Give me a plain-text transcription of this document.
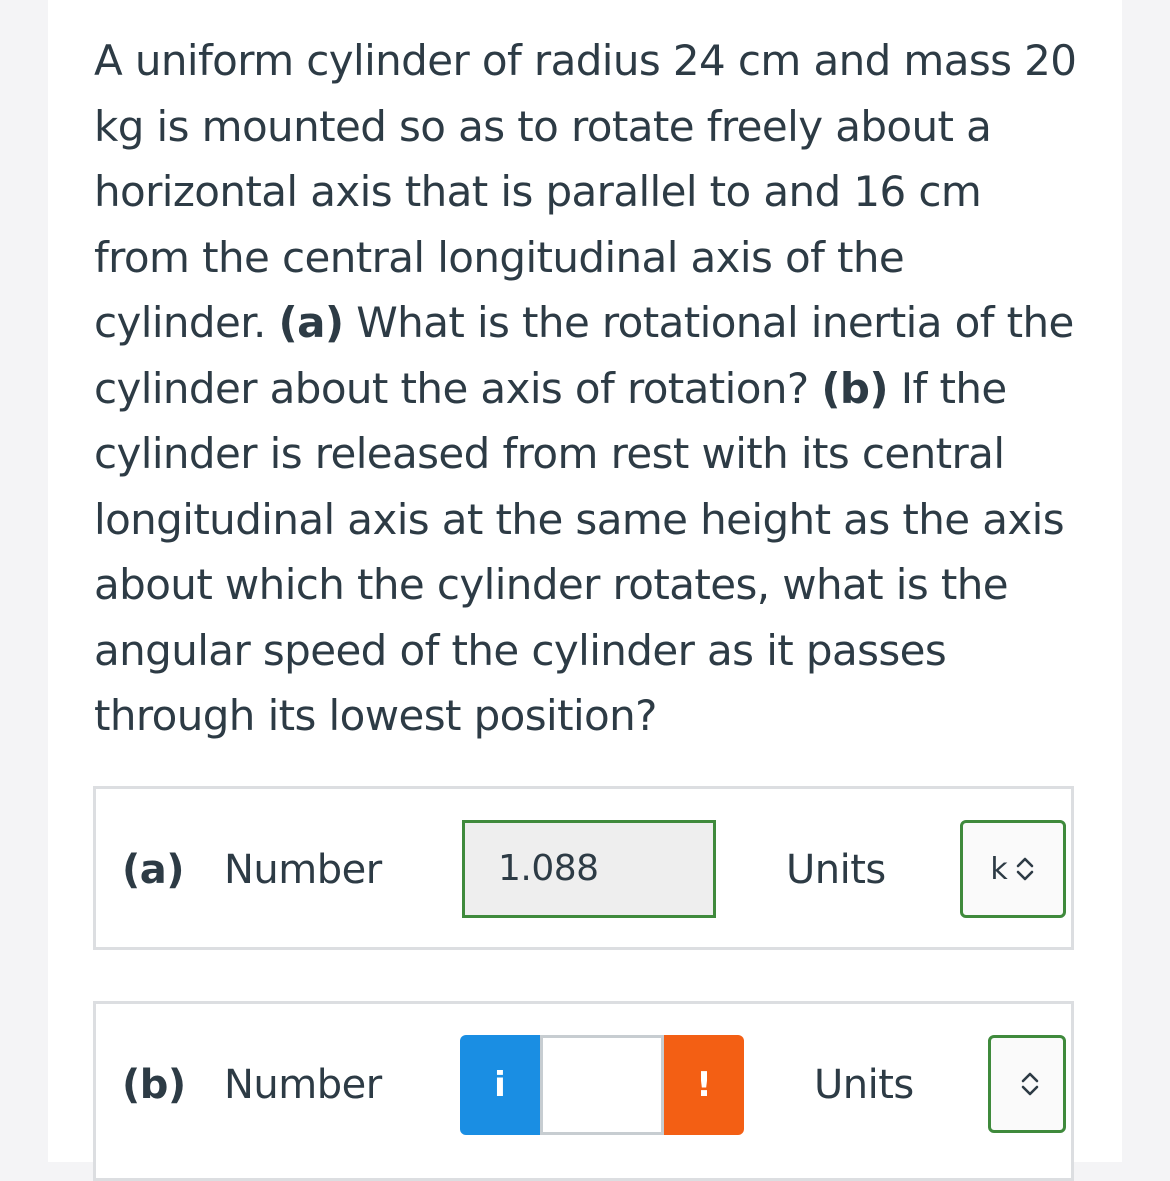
A uniform cylinder of radius 24 cm and mass 20 kg is mounted so as to rotate freely about a horizontal axis that is parallel to and 16 cm from the central longitudinal axis of the cylinder. (a) What is the rotational inertia of the cylinder about the axis of rotation? (b) If the cylinder is released from rest with its central longitudinal axis at the same height as the axis about which the cylinder rotates, what is the angular speed of the cylinder as it passes through its lowest position?

(a) Number	1.088	Units	k
(b) Number	i	!	Units
